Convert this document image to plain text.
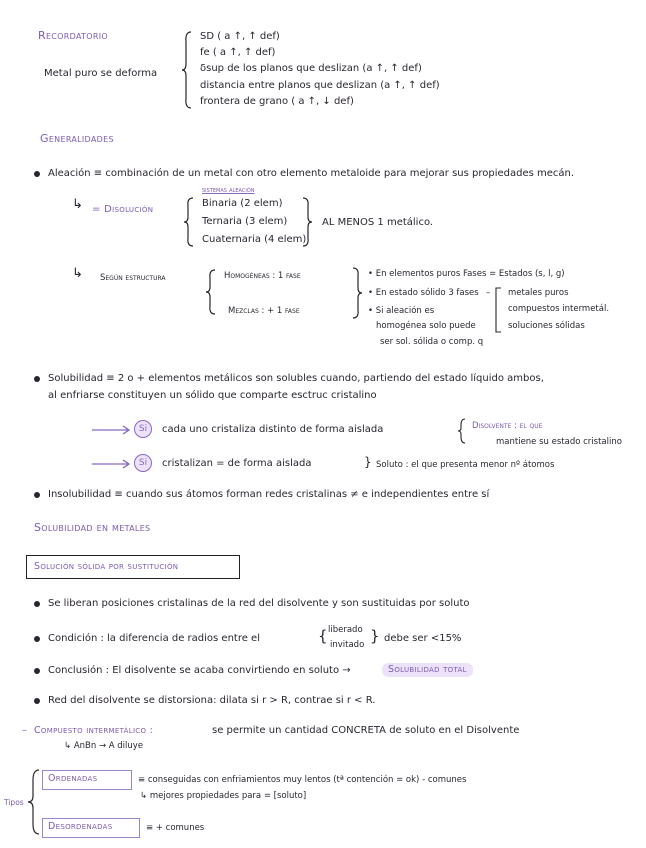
Recordatorio
Metal puro se deforma
SD ( a ↑, ↑ def)
fe ( a ↑, ↑ def)
δsup de los planos que deslizan (a ↑, ↑ def)
distancia entre planos que deslizan (a ↑, ↑ def)
frontera de grano ( a ↑, ↓ def)
Generalidades
Aleación ≡ combinación de un metal con otro elemento metaloide para mejorar sus propiedades mecán.
↳ = Disolución
sistemas aleación
Binaria (2 elem)
Ternaria (3 elem)
Cuaternaria (4 elem)
AL MENOS 1 metálico.
↳ Según estructura	Homogéneas : 1 fase
Mezclas : + 1 fase
• En elementos puros Fases = Estados (s, l, g)
• En estado sólido 3 fases
• Si aleación es
homogénea solo puede
ser sol. sólida o comp. q
– metales puros
compuestos intermetál.
soluciones sólidas
Solubilidad ≡ 2 o + elementos metálicos son solubles cuando, partiendo del estado líquido ambos,
al enfriarse constituyen un sólido que comparte esctruc cristalino
Si	cada uno cristaliza distinto de forma aislada	Disolvente : el que
mantiene su estado cristalino
Si	cristalizan = de forma aislada	} Soluto : el que presenta menor nº átomos
Insolubilidad ≡ cuando sus átomos forman redes cristalinas ≠ e independientes entre sí
Solubilidad en metales
Solución sólida por sustitución
Se liberan posiciones cristalinas de la red del disolvente y son sustituidas por soluto
Condición : la diferencia de radios entre el	{ liberado
invitado } debe ser <15%
Conclusión : El disolvente se acaba convirtiendo en soluto →	Solubilidad total
Red del disolvente se distorsiona: dilata si r > R, contrae si r < R.
– Compuesto intermetálico :	se permite un cantidad CONCRETA de soluto en el Disolvente
↳ AnBn → A diluye
Tipos
Ordenadas	≡ conseguidas con enfriamientos muy lentos (tª contención = ok) - comunes
↳ mejores propiedades para = [soluto]
Desordenadas	≡ + comunes
